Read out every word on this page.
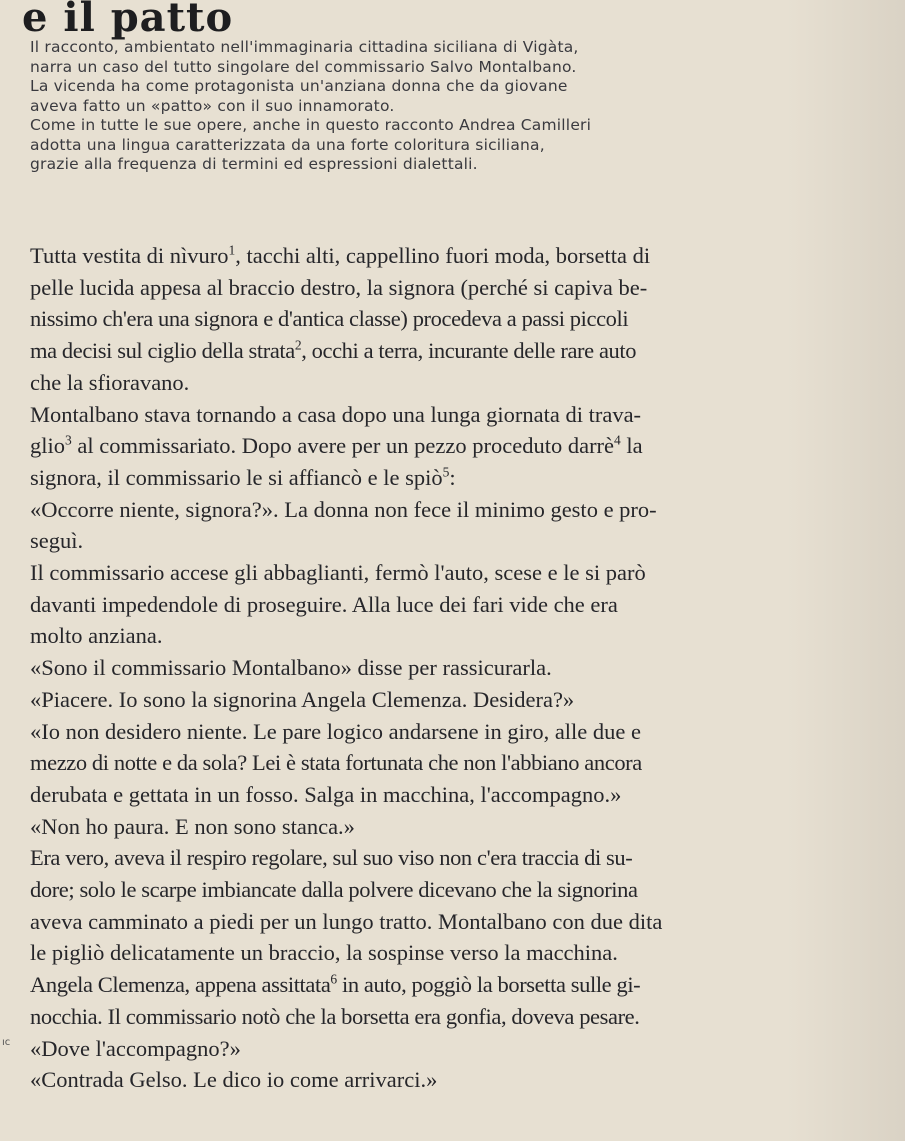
e il patto
Il racconto, ambientato nell'immaginaria cittadina siciliana di Vigàta,
narra un caso del tutto singolare del commissario Salvo Montalbano.
La vicenda ha come protagonista un'anziana donna che da giovane
aveva fatto un «patto» con il suo innamorato.
Come in tutte le sue opere, anche in questo racconto Andrea Camilleri
adotta una lingua caratterizzata da una forte coloritura siciliana,
grazie alla frequenza di termini ed espressioni dialettali.
Tutta vestita di nìvuro$^1$, tacchi alti, cappellino fuori moda, borsetta di
pelle lucida appesa al braccio destro, la signora (perché si capiva be-
nissimo ch'era una signora e d'antica classe) procedeva a passi piccoli
ma decisi sul ciglio della strata$^2$, occhi a terra, incurante delle rare auto
che la sfioravano.
Montalbano stava tornando a casa dopo una lunga giornata di trava-
glio$^3$ al commissariato. Dopo avere per un pezzo proceduto darrè$^4$ la
signora, il commissario le si affiancò e le spiò$^5$:
«Occorre niente, signora?». La donna non fece il minimo gesto e pro-
seguì.
Il commissario accese gli abbaglianti, fermò l'auto, scese e le si parò
davanti impedendole di proseguire. Alla luce dei fari vide che era
molto anziana.
«Sono il commissario Montalbano» disse per rassicurarla.
«Piacere. Io sono la signorina Angela Clemenza. Desidera?»
«Io non desidero niente. Le pare logico andarsene in giro, alle due e
mezzo di notte e da sola? Lei è stata fortunata che non l'abbiano ancora
derubata e gettata in un fosso. Salga in macchina, l'accompagno.»
«Non ho paura. E non sono stanca.»
Era vero, aveva il respiro regolare, sul suo viso non c'era traccia di su-
dore; solo le scarpe imbiancate dalla polvere dicevano che la signorina
aveva camminato a piedi per un lungo tratto. Montalbano con due dita
le pigliò delicatamente un braccio, la sospinse verso la macchina.
Angela Clemenza, appena assittata$^6$ in auto, poggiò la borsetta sulle gi-
nocchia. Il commissario notò che la borsetta era gonfia, doveva pesare.
«Dove l'accompagno?»
«Contrada Gelso. Le dico io come arrivarci.»
ıc
